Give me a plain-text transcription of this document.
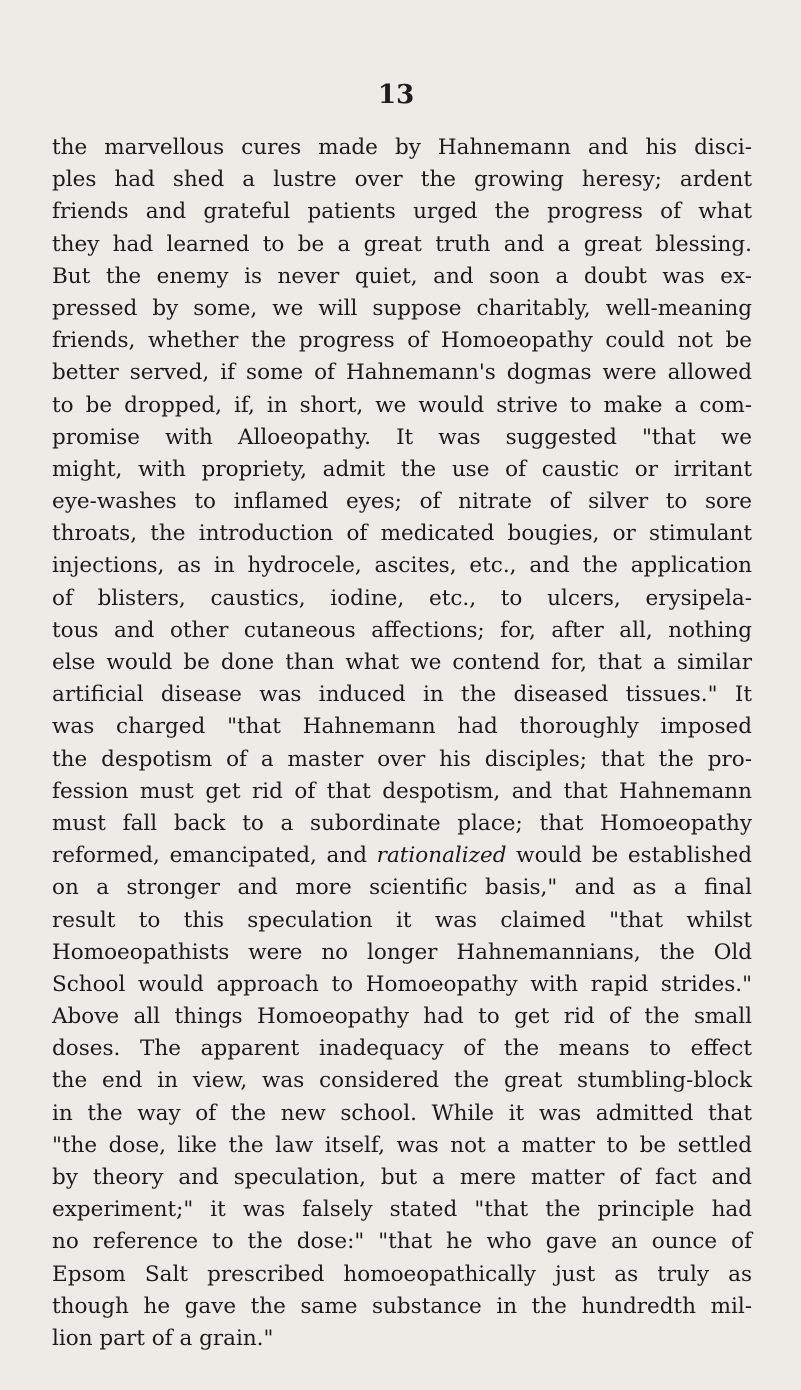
13
the marvellous cures made by Hahnemann and his disci-
ples had shed a lustre over the growing heresy; ardent
friends and grateful patients urged the progress of what
they had learned to be a great truth and a great blessing.
But the enemy is never quiet, and soon a doubt was ex-
pressed by some, we will suppose charitably, well-meaning
friends, whether the progress of Homoeopathy could not be
better served, if some of Hahnemann's dogmas were allowed
to be dropped, if, in short, we would strive to make a com-
promise with Alloeopathy. It was suggested "that we
might, with propriety, admit the use of caustic or irritant
eye-washes to inflamed eyes; of nitrate of silver to sore
throats, the introduction of medicated bougies, or stimulant
injections, as in hydrocele, ascites, etc., and the application
of blisters, caustics, iodine, etc., to ulcers, erysipela-
tous and other cutaneous affections; for, after all, nothing
else would be done than what we contend for, that a similar
artificial disease was induced in the diseased tissues." It
was charged "that Hahnemann had thoroughly imposed
the despotism of a master over his disciples; that the pro-
fession must get rid of that despotism, and that Hahnemann
must fall back to a subordinate place; that Homoeopathy
reformed, emancipated, and rationalized would be established
on a stronger and more scientific basis," and as a final
result to this speculation it was claimed "that whilst
Homoeopathists were no longer Hahnemannians, the Old
School would approach to Homoeopathy with rapid strides."
Above all things Homoeopathy had to get rid of the small
doses. The apparent inadequacy of the means to effect
the end in view, was considered the great stumbling-block
in the way of the new school. While it was admitted that
"the dose, like the law itself, was not a matter to be settled
by theory and speculation, but a mere matter of fact and
experiment;" it was falsely stated "that the principle had
no reference to the dose:" "that he who gave an ounce of
Epsom Salt prescribed homoeopathically just as truly as
though he gave the same substance in the hundredth mil-
lion part of a grain."
